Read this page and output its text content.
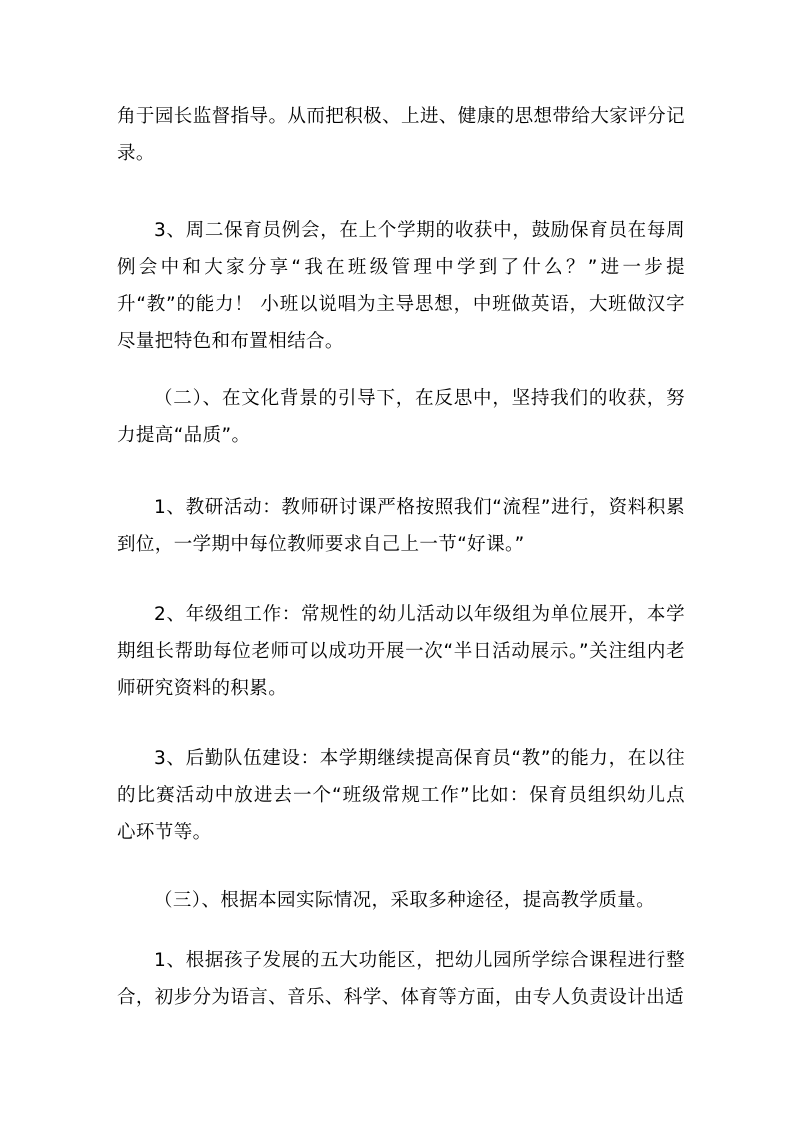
角于园长监督指导。从而把积极、上进、健康的思想带给大家评分记录。

3、周二保育员例会，在上个学期的收获中，鼓励保育员在每周例会中和大家分享“我在班级管理中学到了什么？”进一步提升“教”的能力！ 小班以说唱为主导思想，中班做英语，大班做汉字尽量把特色和布置相结合。

（二）、在文化背景的引导下，在反思中，坚持我们的收获，努力提高“品质”。

1、教研活动：教师研讨课严格按照我们“流程”进行，资料积累到位，一学期中每位教师要求自己上一节“好课。”

2、年级组工作：常规性的幼儿活动以年级组为单位展开，本学期组长帮助每位老师可以成功开展一次“半日活动展示。”关注组内老师研究资料的积累。

3、后勤队伍建设：本学期继续提高保育员“教”的能力，在以往的比赛活动中放进去一个“班级常规工作”比如：保育员组织幼儿点心环节等。

（三）、根据本园实际情况，采取多种途径，提高教学质量。

1、根据孩子发展的五大功能区，把幼儿园所学综合课程进行整合，初步分为语言、音乐、科学、体育等方面，由专人负责设计出适
